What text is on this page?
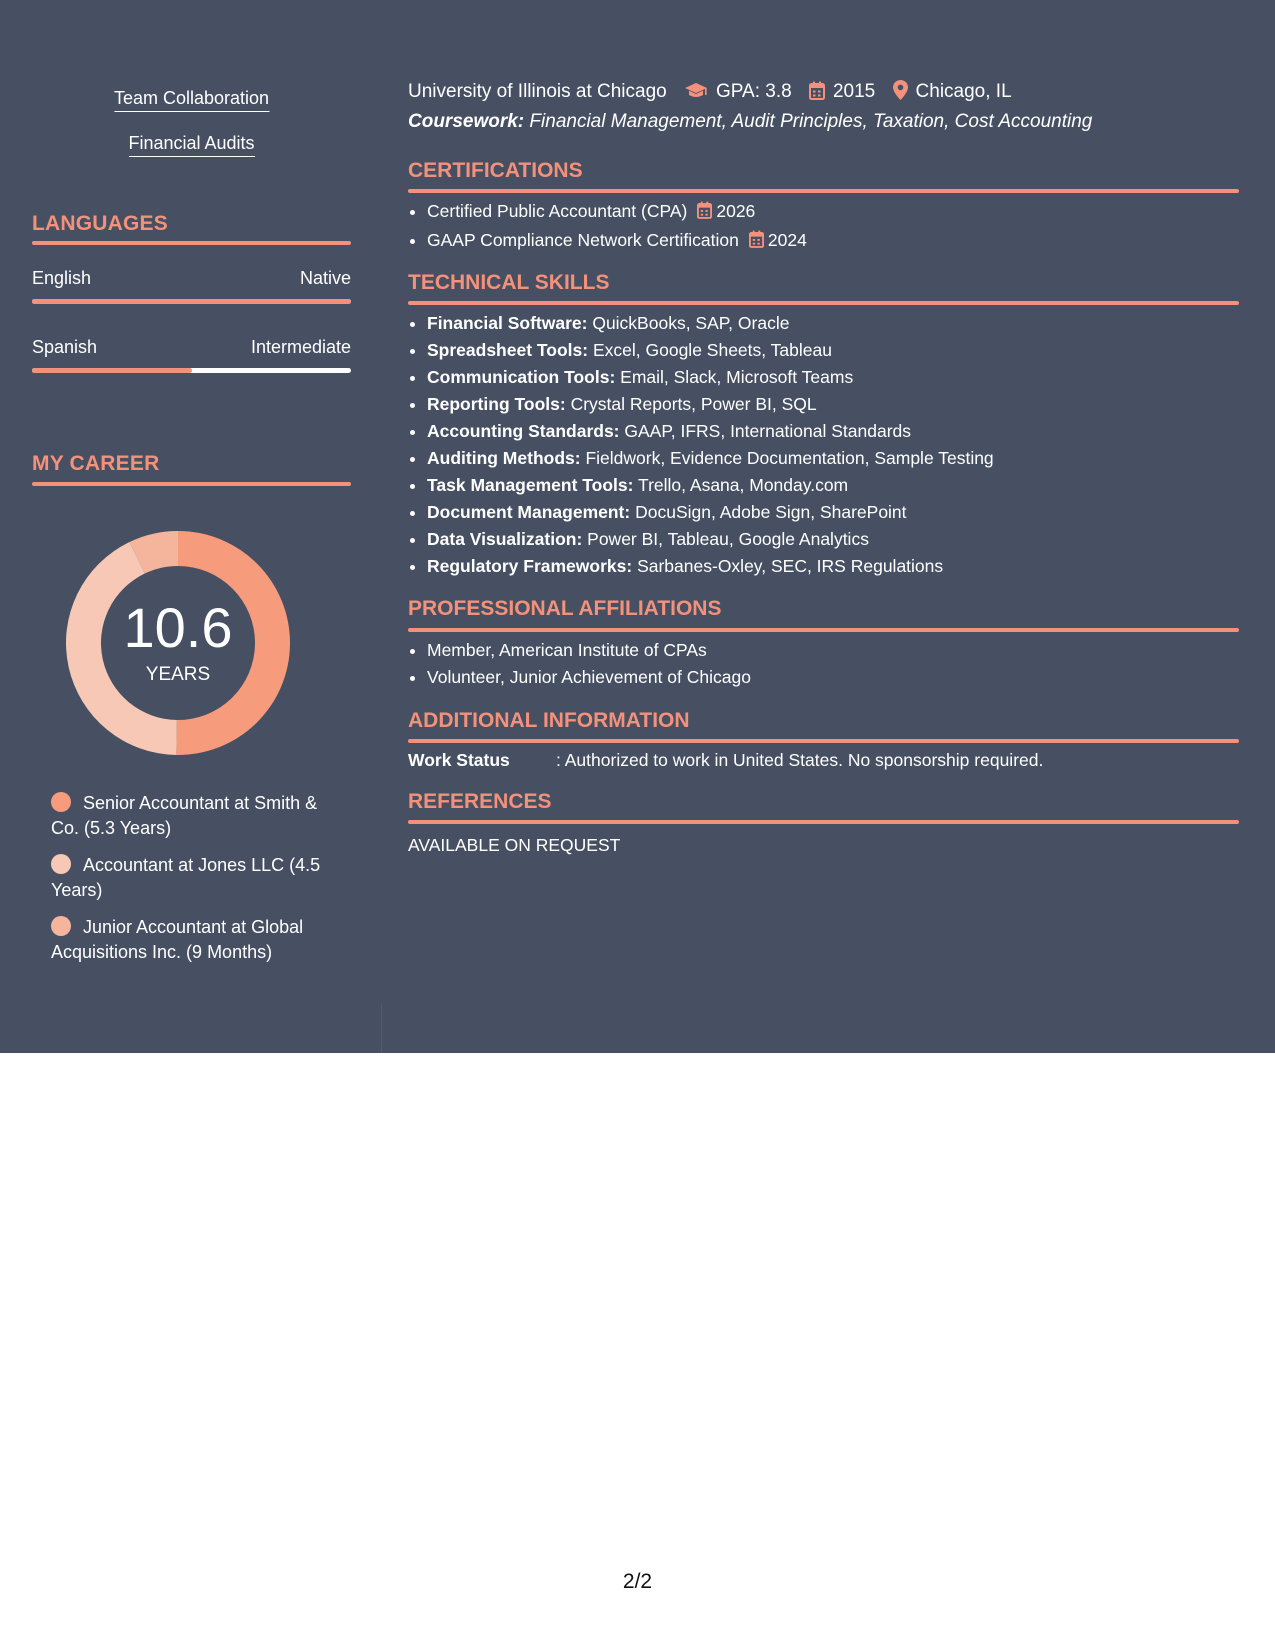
Team Collaboration
Financial Audits
LANGUAGES
English	Native
Spanish	Intermediate
MY CAREER
10.6
YEARS
Senior Accountant at Smith & Co. (5.3 Years)
Accountant at Jones LLC (4.5 Years)
Junior Accountant at Global Acquisitions Inc. (9 Months)
University of Illinois at Chicago	GPA: 3.8 2015 Chicago, IL
Coursework: Financial Management, Audit Principles, Taxation, Cost Accounting
CERTIFICATIONS
• Certified Public Accountant (CPA) 2026
• GAAP Compliance Network Certification 2024
TECHNICAL SKILLS
• Financial Software: QuickBooks, SAP, Oracle
• Spreadsheet Tools: Excel, Google Sheets, Tableau
• Communication Tools: Email, Slack, Microsoft Teams
• Reporting Tools: Crystal Reports, Power BI, SQL
• Accounting Standards: GAAP, IFRS, International Standards
• Auditing Methods: Fieldwork, Evidence Documentation, Sample Testing
• Task Management Tools: Trello, Asana, Monday.com
• Document Management: DocuSign, Adobe Sign, SharePoint
• Data Visualization: Power BI, Tableau, Google Analytics
• Regulatory Frameworks: Sarbanes-Oxley, SEC, IRS Regulations
PROFESSIONAL AFFILIATIONS
• Member, American Institute of CPAs
• Volunteer, Junior Achievement of Chicago
ADDITIONAL INFORMATION
Work Status	: Authorized to work in United States. No sponsorship required.
REFERENCES
AVAILABLE ON REQUEST
2/2
